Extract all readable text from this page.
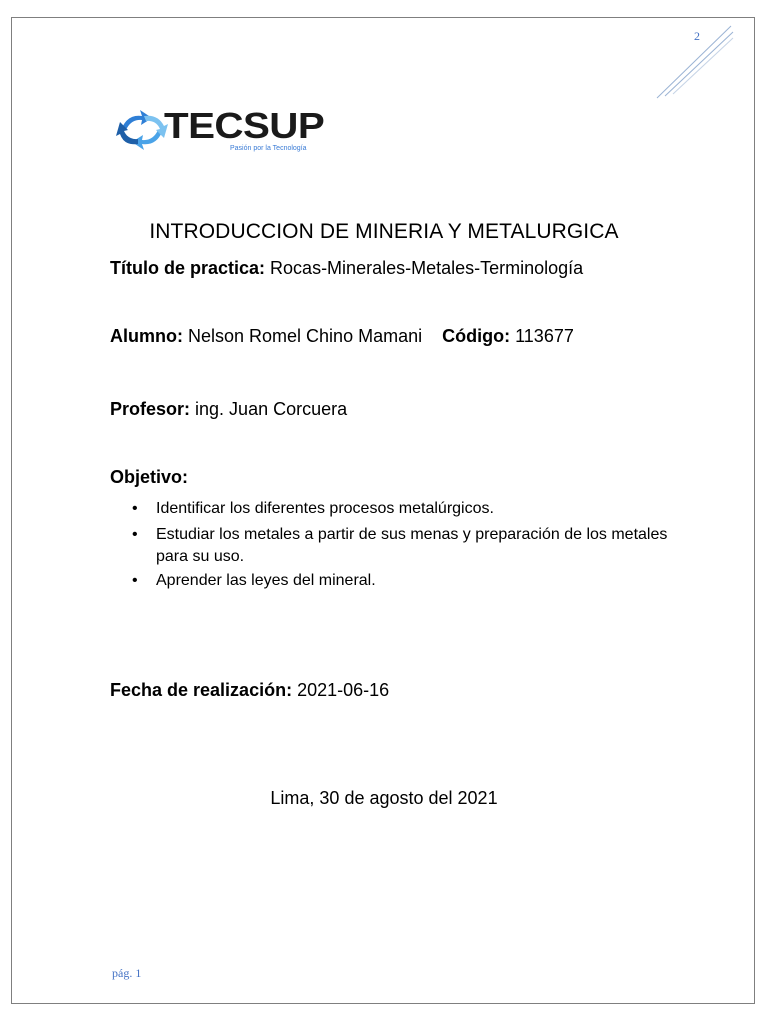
2
TECSUP
Pasión por la Tecnología
INTRODUCCION DE MINERIA Y METALURGICA
Título de practica: Rocas-Minerales-Metales-Terminología
Alumno: Nelson Romel Chino Mamani Código: 113677
Profesor: ing. Juan Corcuera
Objetivo:
• Identificar los diferentes procesos metalúrgicos.
• Estudiar los metales a partir de sus menas y preparación de los metales para su uso.
• Aprender las leyes del mineral.
Fecha de realización: 2021-06-16
Lima, 30 de agosto del 2021
pág. 1
